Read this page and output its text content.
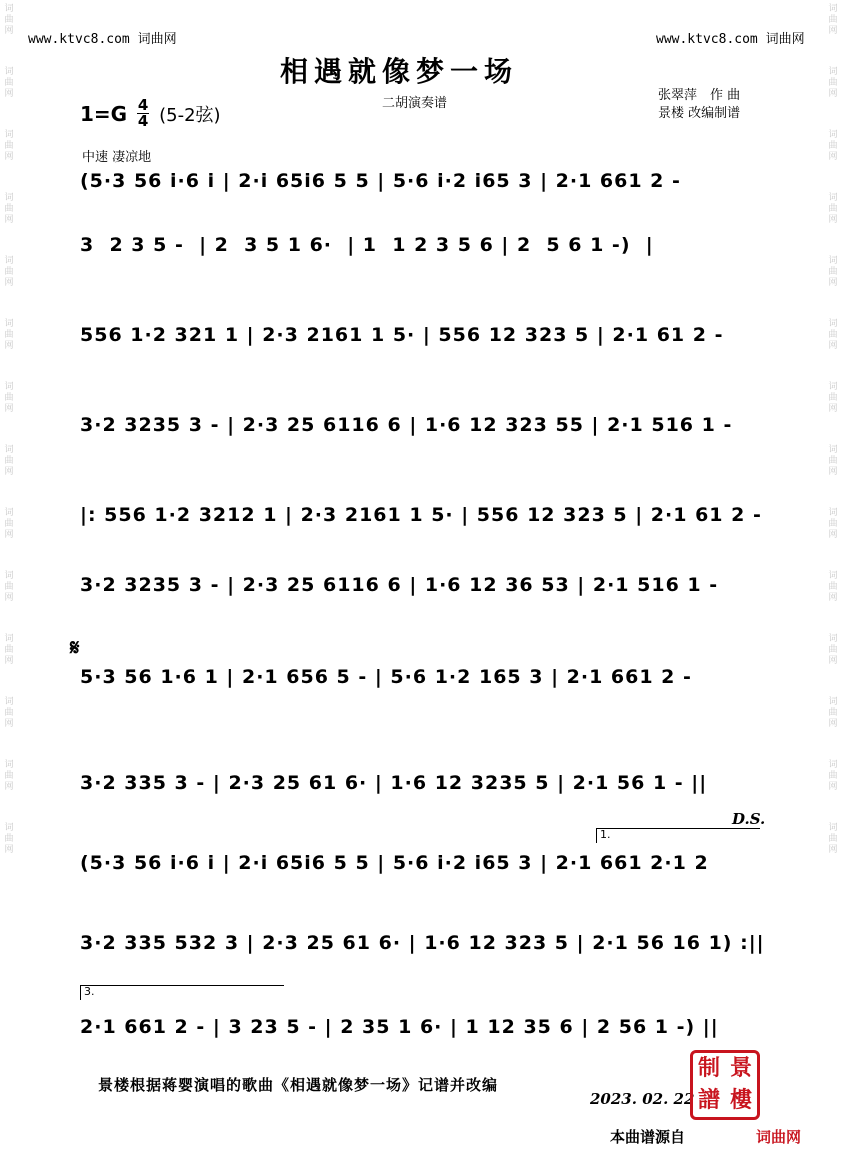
词
曲
网
词
曲
网
词
曲
网
词
曲
网
词
曲
网
词
曲
网
词
曲
网
词
曲
网
词
曲
网
词
曲
网
词
曲
网
词
曲
网
词
曲
网
词
曲
网
词
曲
网
词
曲
网
词
曲
网
词
曲
网
词
曲
网
词
曲
网
词
曲
网
词
曲
网
词
曲
网
词
曲
网
词
曲
网
词
曲
网
词
曲
网
词
曲
网
www.ktvc8.com 词曲网	www.ktvc8.com 词曲网
相遇就像梦一场
二胡演奏谱
张翠萍　作 曲
景楼 改编制谱
1=G 4
4 (5-2弦)
中速 凄凉地
(5·3 56 i·6 i | 2·i 65i6 5 5 | 5·6 i·2 i65 3 | 2·1 661 2 -
3  2 3 5 -  | 2  3 5 1 6·  | 1  1 2 3 5 6 | 2  5 6 1 -)  |
556 1·2 321 1 | 2·3 2161 1 5· | 556 12 323 5 | 2·1 61 2 -
3·2 3235 3 - | 2·3 25 6116 6 | 1·6 12 323 55 | 2·1 516 1 -
|: 556 1·2 3212 1 | 2·3 2161 1 5· | 556 12 323 5 | 2·1 61 2 -
3·2 3235 3 - | 2·3 25 6116 6 | 1·6 12 36 53 | 2·1 516 1 -
5·3 56 1·6 1 | 2·1 656 5 - | 5·6 1·2 165 3 | 2·1 661 2 -
3·2 335 3 - | 2·3 25 61 6· | 1·6 12 3235 5 | 2·1 56 1 - ||
(5·3 56 i·6 i | 2·i 65i6 5 5 | 5·6 i·2 i65 3 | 2·1 661 2·1 2
3·2 335 532 3 | 2·3 25 61 6· | 1·6 12 323 5 | 2·1 56 16 1) :||
2·1 661 2 - | 3 23 5 - | 2 35 1 6· | 1 12 35 6 | 2 56 1 -) ||
𝄋
D.S.
1.
3.
景楼根据蒋婴演唱的歌曲《相遇就像梦一场》记谱并改编
2023. 02. 22
制 景
譜 樓
本曲谱源自	词曲网
